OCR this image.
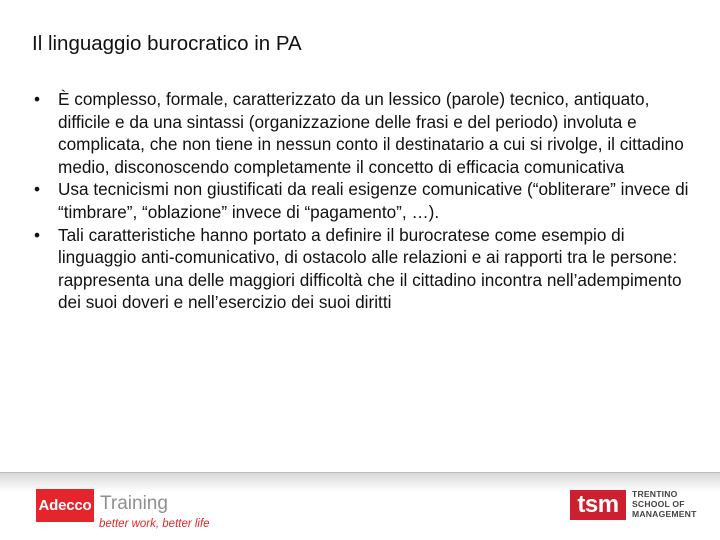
Il linguaggio burocratico in PA
• È complesso, formale, caratterizzato da un lessico (parole) tecnico, antiquato, difficile e da una sintassi (organizzazione delle frasi e del periodo) involuta e complicata, che non tiene in nessun conto il destinatario a cui si rivolge, il cittadino medio, disconoscendo completamente il concetto di efficacia comunicativa
• Usa tecnicismi non giustificati da reali esigenze comunicative (“obliterare” invece di “timbrare”, “oblazione” invece di “pagamento”, …).
• Tali caratteristiche hanno portato a definire il burocratese come esempio di linguaggio anti-comunicativo, di ostacolo alle relazioni e ai rapporti tra le persone: rappresenta una delle maggiori difficoltà che il cittadino incontra nell’adempimento dei suoi doveri e nell’esercizio dei suoi diritti
Adecco Training
better work, better life
tsm	TRENTINO
SCHOOL OF
MANAGEMENT
